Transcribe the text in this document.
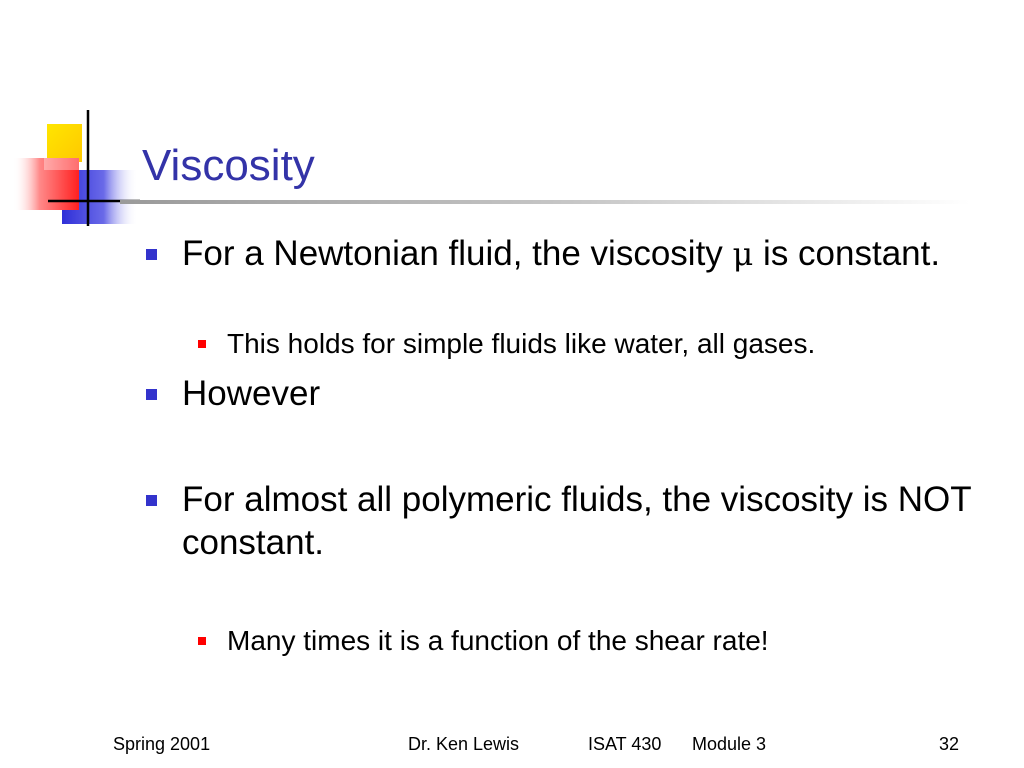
Viscosity

For a Newtonian fluid, the viscosity μ is constant.

This holds for simple fluids like water, all gases.

However

For almost all polymeric fluids, the viscosity is NOT constant.

Many times it is a function of the shear rate!

Spring 2001	Dr. Ken Lewis	ISAT 430 Module 3	32
